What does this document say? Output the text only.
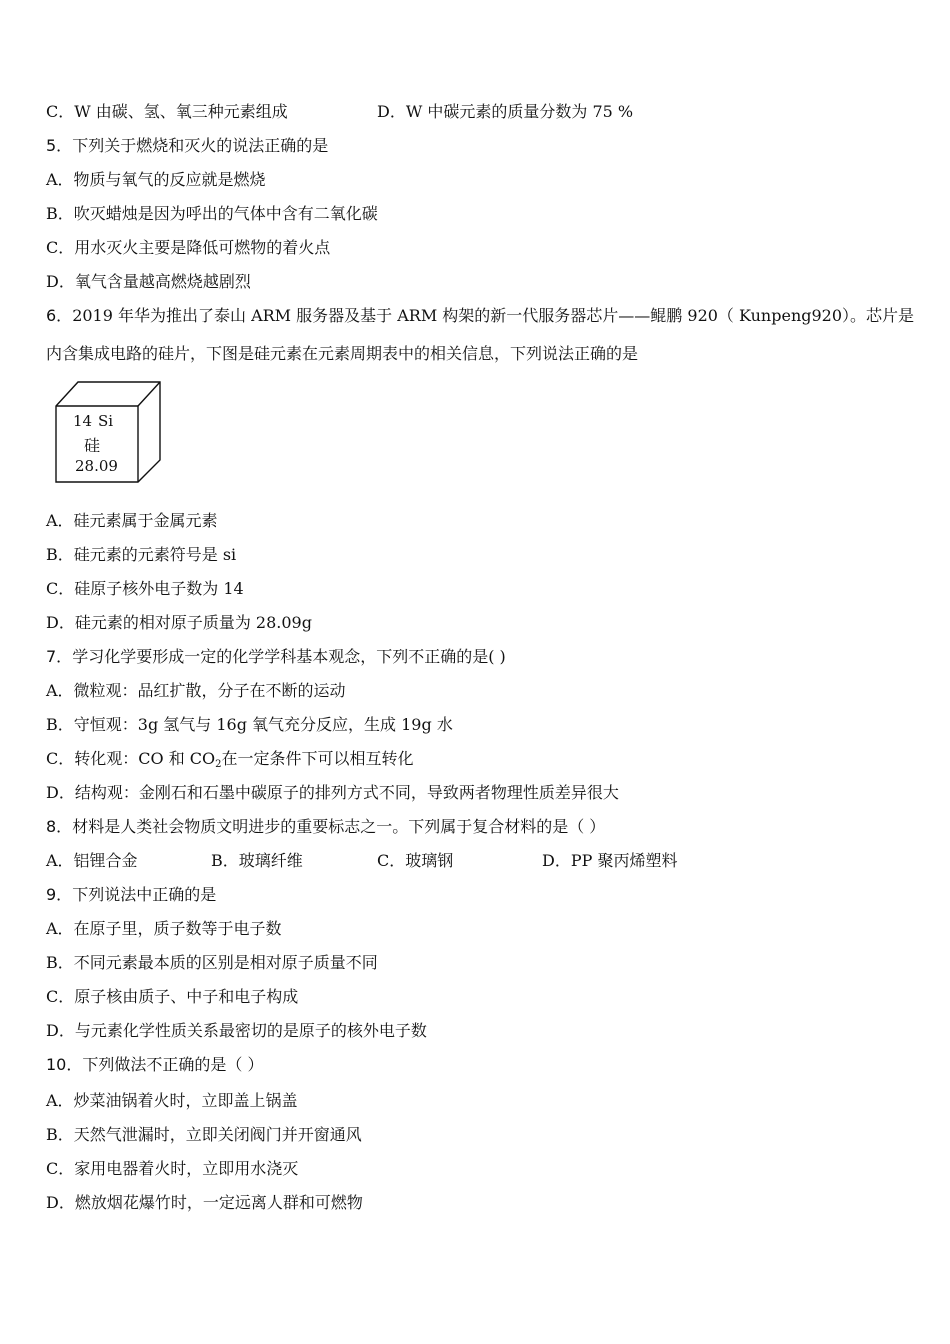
C．W 由碳、氢、氧三种元素组成	D．W 中碳元素的质量分数为 75 %
5．下列关于燃烧和灭火的说法正确的是
A．物质与氧气的反应就是燃烧
B．吹灭蜡烛是因为呼出的气体中含有二氧化碳
C．用水灭火主要是降低可燃物的着火点
D．氧气含量越高燃烧越剧烈
6．2019 年华为推出了泰山 ARM 服务器及基于 ARM 构架的新一代服务器芯片——鲲鹏 920（ Kunpeng920）。芯片是
内含集成电路的硅片，下图是硅元素在元素周期表中的相关信息，下列说法正确的是
14 Si
硅
28.09
A．硅元素属于金属元素
B．硅元素的元素符号是 si
C．硅原子核外电子数为 14
D．硅元素的相对原子质量为 28.09g
7．学习化学要形成一定的化学学科基本观念，下列不正确的是( )
A．微粒观：品红扩散，分子在不断的运动
B．守恒观：3g 氢气与 16g 氧气充分反应，生成 19g 水
C．转化观：CO 和 $CO_2$在一定条件下可以相互转化
D．结构观：金刚石和石墨中碳原子的排列方式不同，导致两者物理性质差异很大
8．材料是人类社会物质文明进步的重要标志之一。下列属于复合材料的是（ ）
A．铝锂合金	B．玻璃纤维	C．玻璃钢	D．PP 聚丙烯塑料
9．下列说法中正确的是
A．在原子里，质子数等于电子数
B．不同元素最本质的区别是相对原子质量不同
C．原子核由质子、中子和电子构成
D．与元素化学性质关系最密切的是原子的核外电子数
10．下列做法不正确的是（ ）
A．炒菜油锅着火时，立即盖上锅盖
B．天然气泄漏时，立即关闭阀门并开窗通风
C．家用电器着火时，立即用水浇灭
D．燃放烟花爆竹时，一定远离人群和可燃物
